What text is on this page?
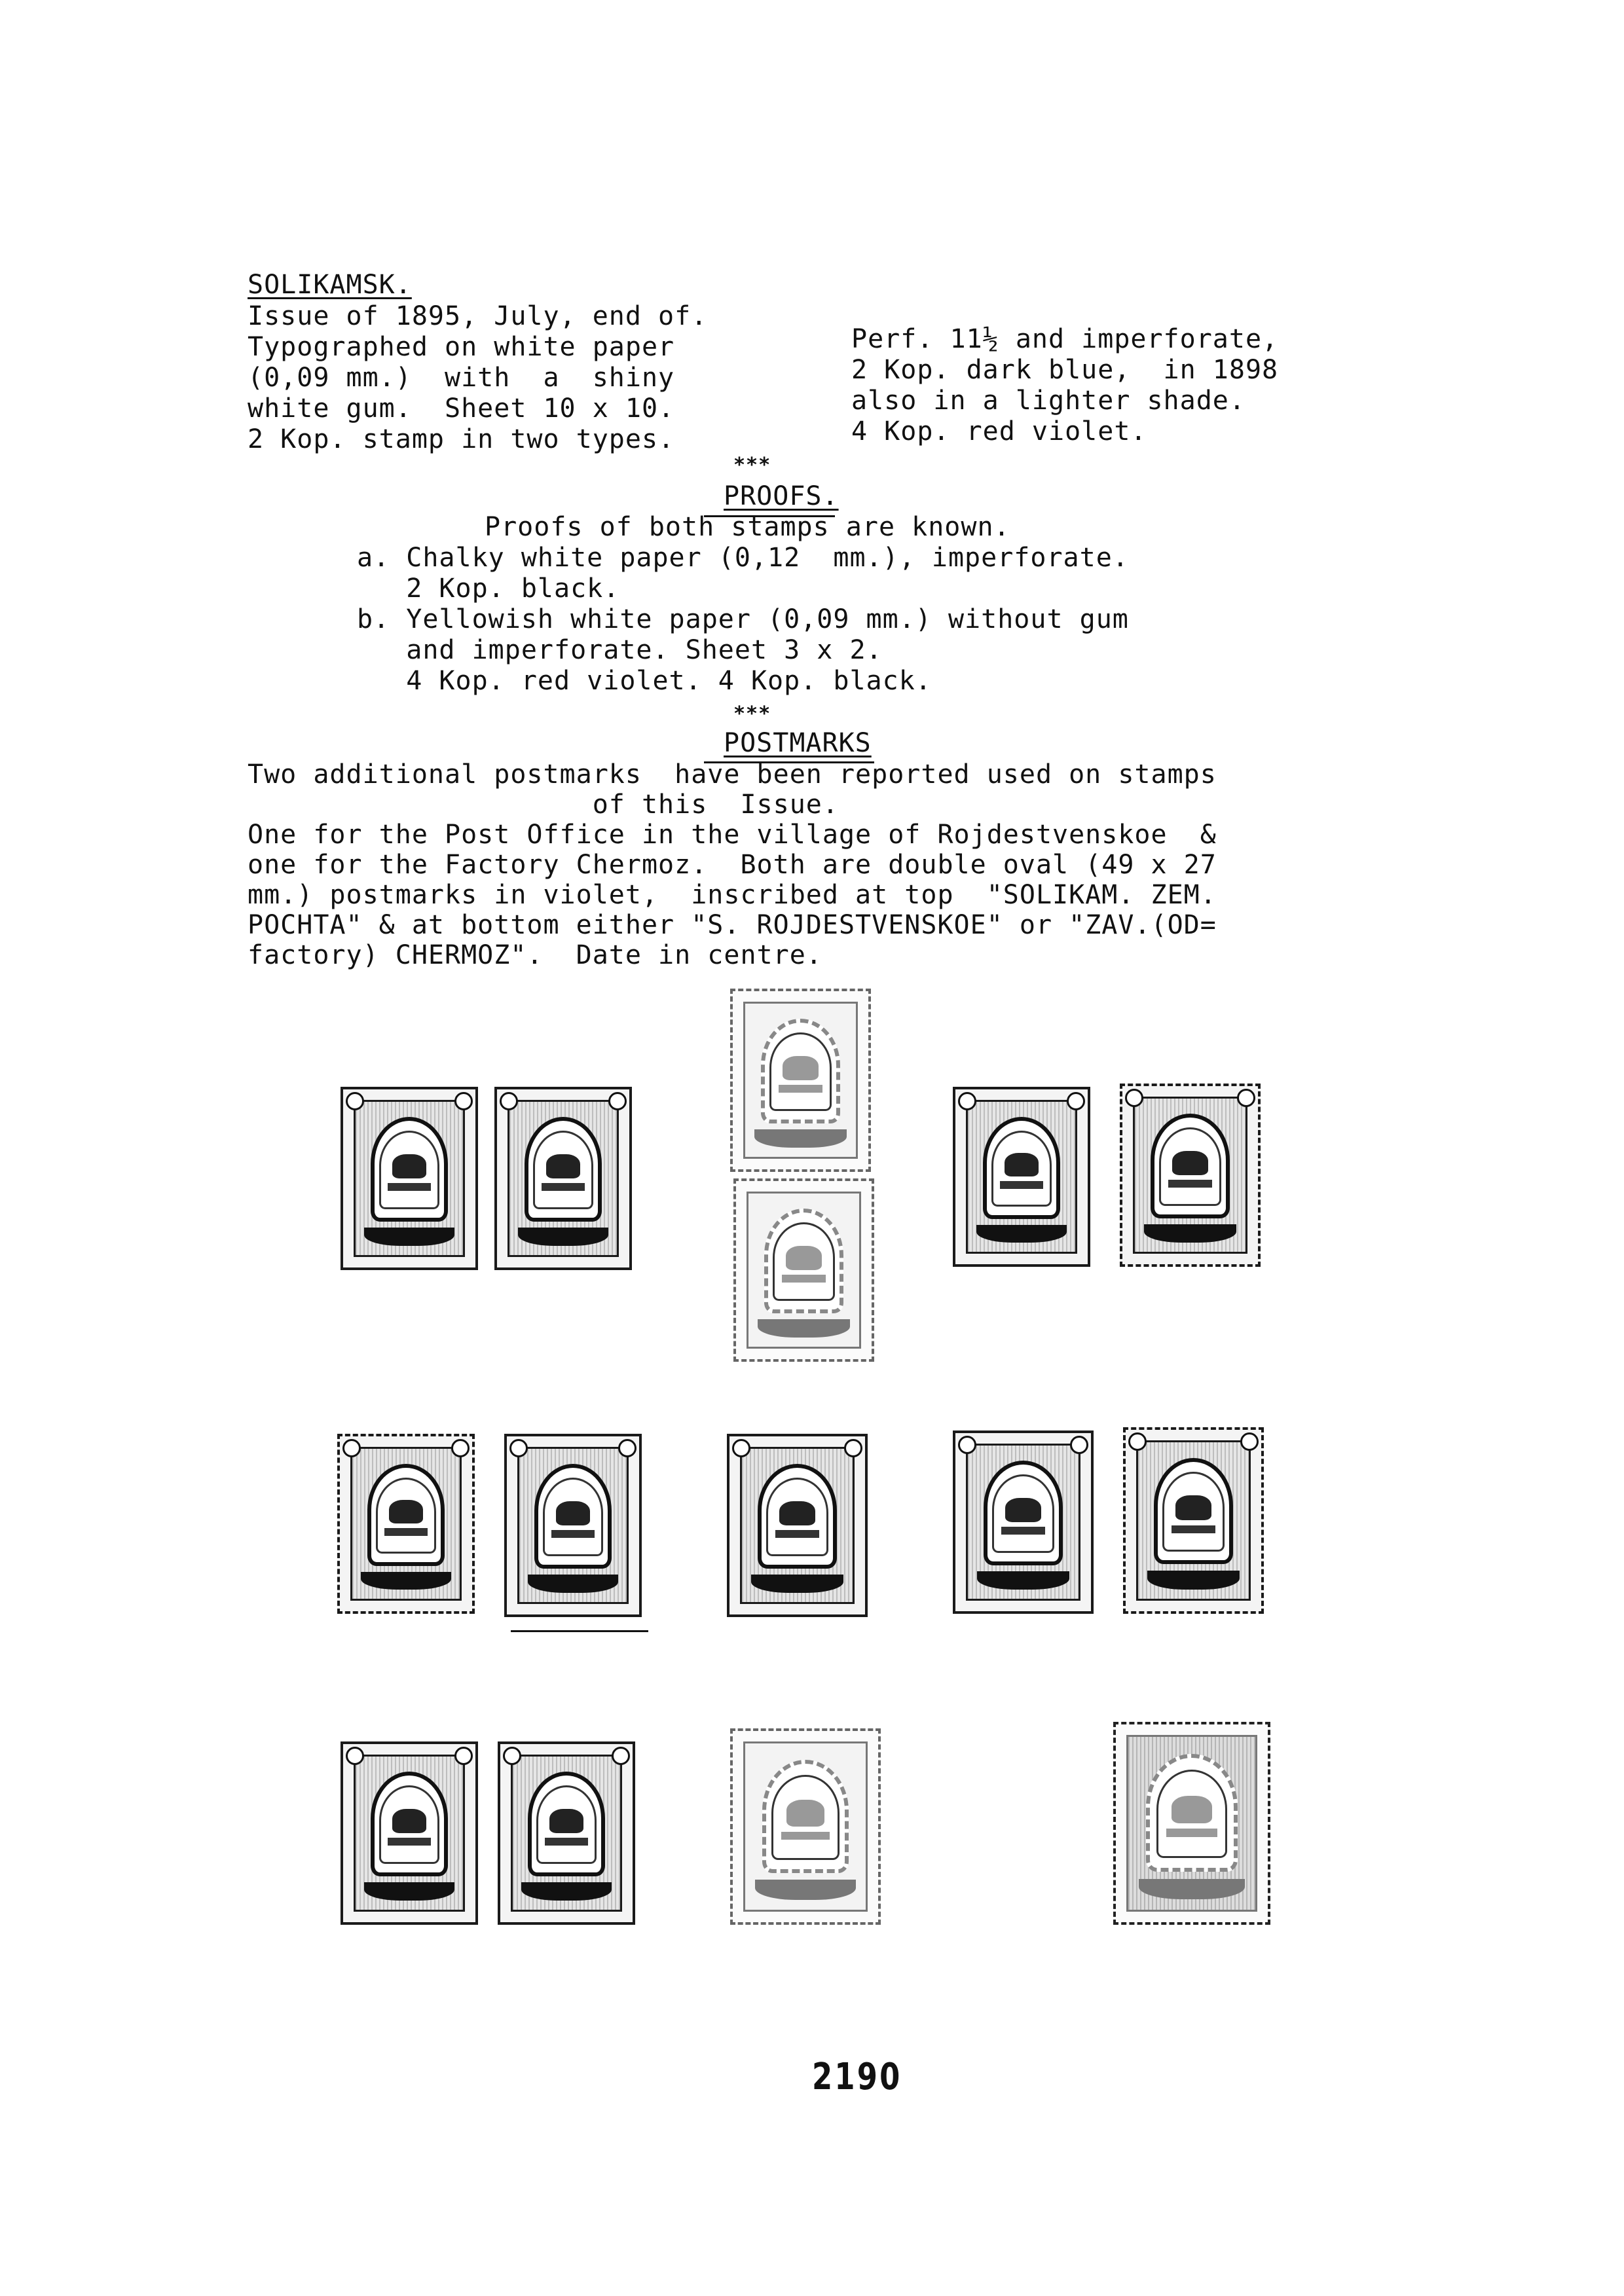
SOLIKAMSK.
Issue of 1895, July, end of.
Typographed on white paper
(0,09 mm.)  with  a  shiny
white gum.  Sheet 10 x 10.
2 Kop. stamp in two types.
Perf. 11½ and imperforate,
2 Kop. dark blue,  in 1898
also in a lighter shade.
4 Kop. red violet.
***
PROOFS.
Proofs of both stamps are known.
a. Chalky white paper (0,12  mm.), imperforate.
2 Kop. black.
b. Yellowish white paper (0,09 mm.) without gum
and imperforate. Sheet 3 x 2.
4 Kop. red violet. 4 Kop. black.
***
POSTMARKS
Two additional postmarks  have been reported used on stamps
of this  Issue.
One for the Post Office in the village of Rojdestvenskoe  &
one for the Factory Chermoz.  Both are double oval (49 x 27
mm.) postmarks in violet,  inscribed at top  "SOLIKAM. ZEM.
POCHTA" & at bottom either "S. ROJDESTVENSKOE" or "ZAV.(OD=
factory) CHERMOZ".  Date in centre.
2190
